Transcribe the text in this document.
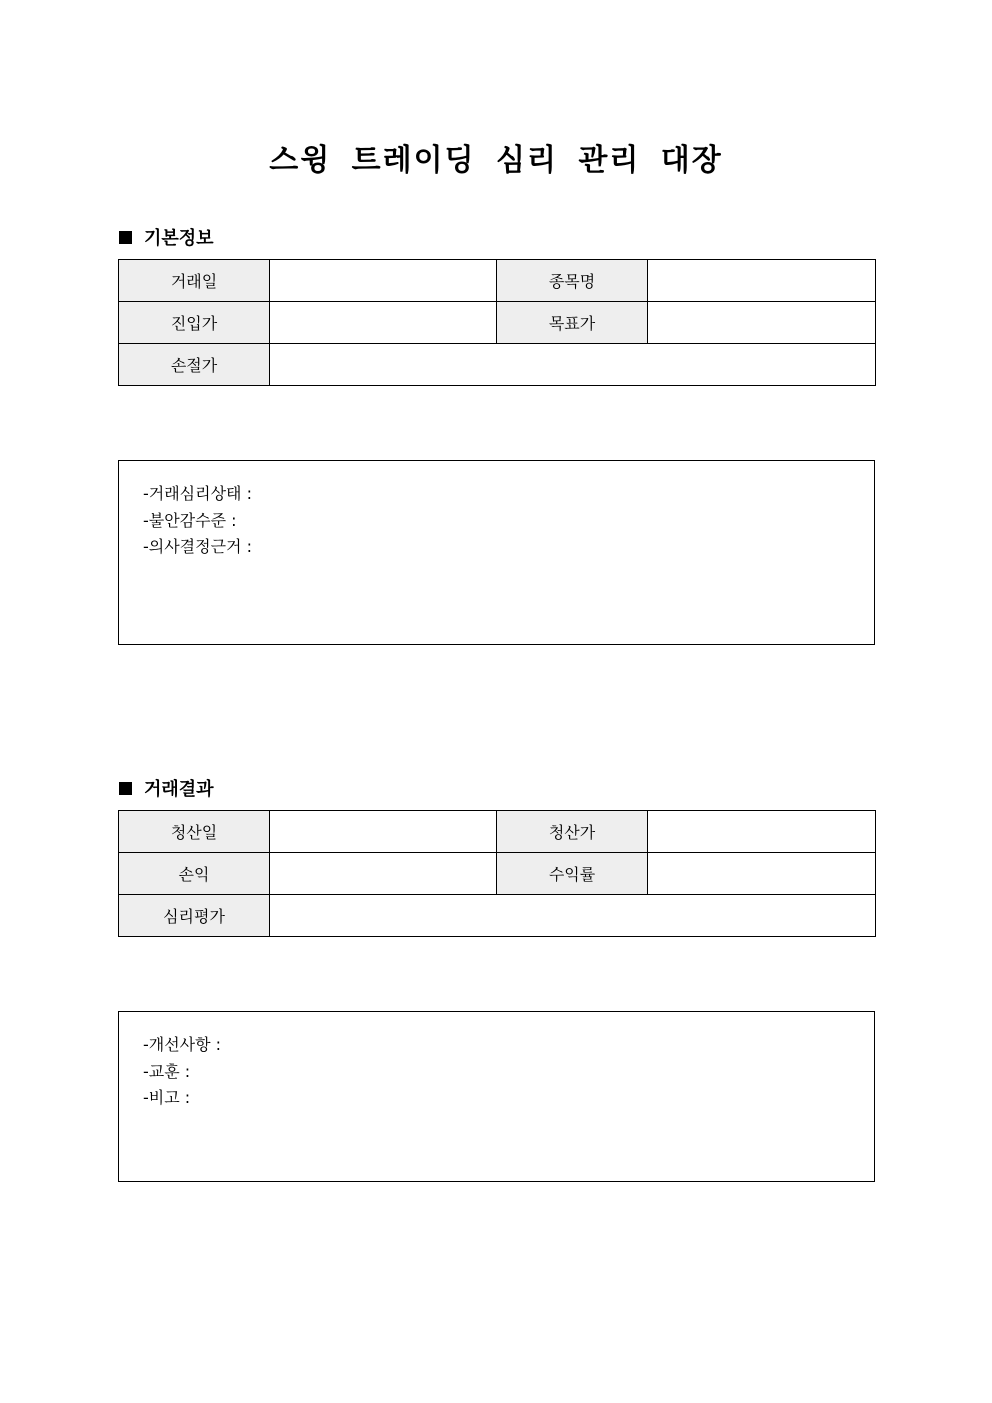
스윙 트레이딩 심리 관리 대장
기본정보
거래일		종목명	
진입가		목표가	
손절가			
-거래심리상태 :
-불안감수준 :
-의사결정근거 :
거래결과
청산일		청산가	
손익		수익률	
심리평가			
-개선사항 :
-교훈 :
-비고 :
